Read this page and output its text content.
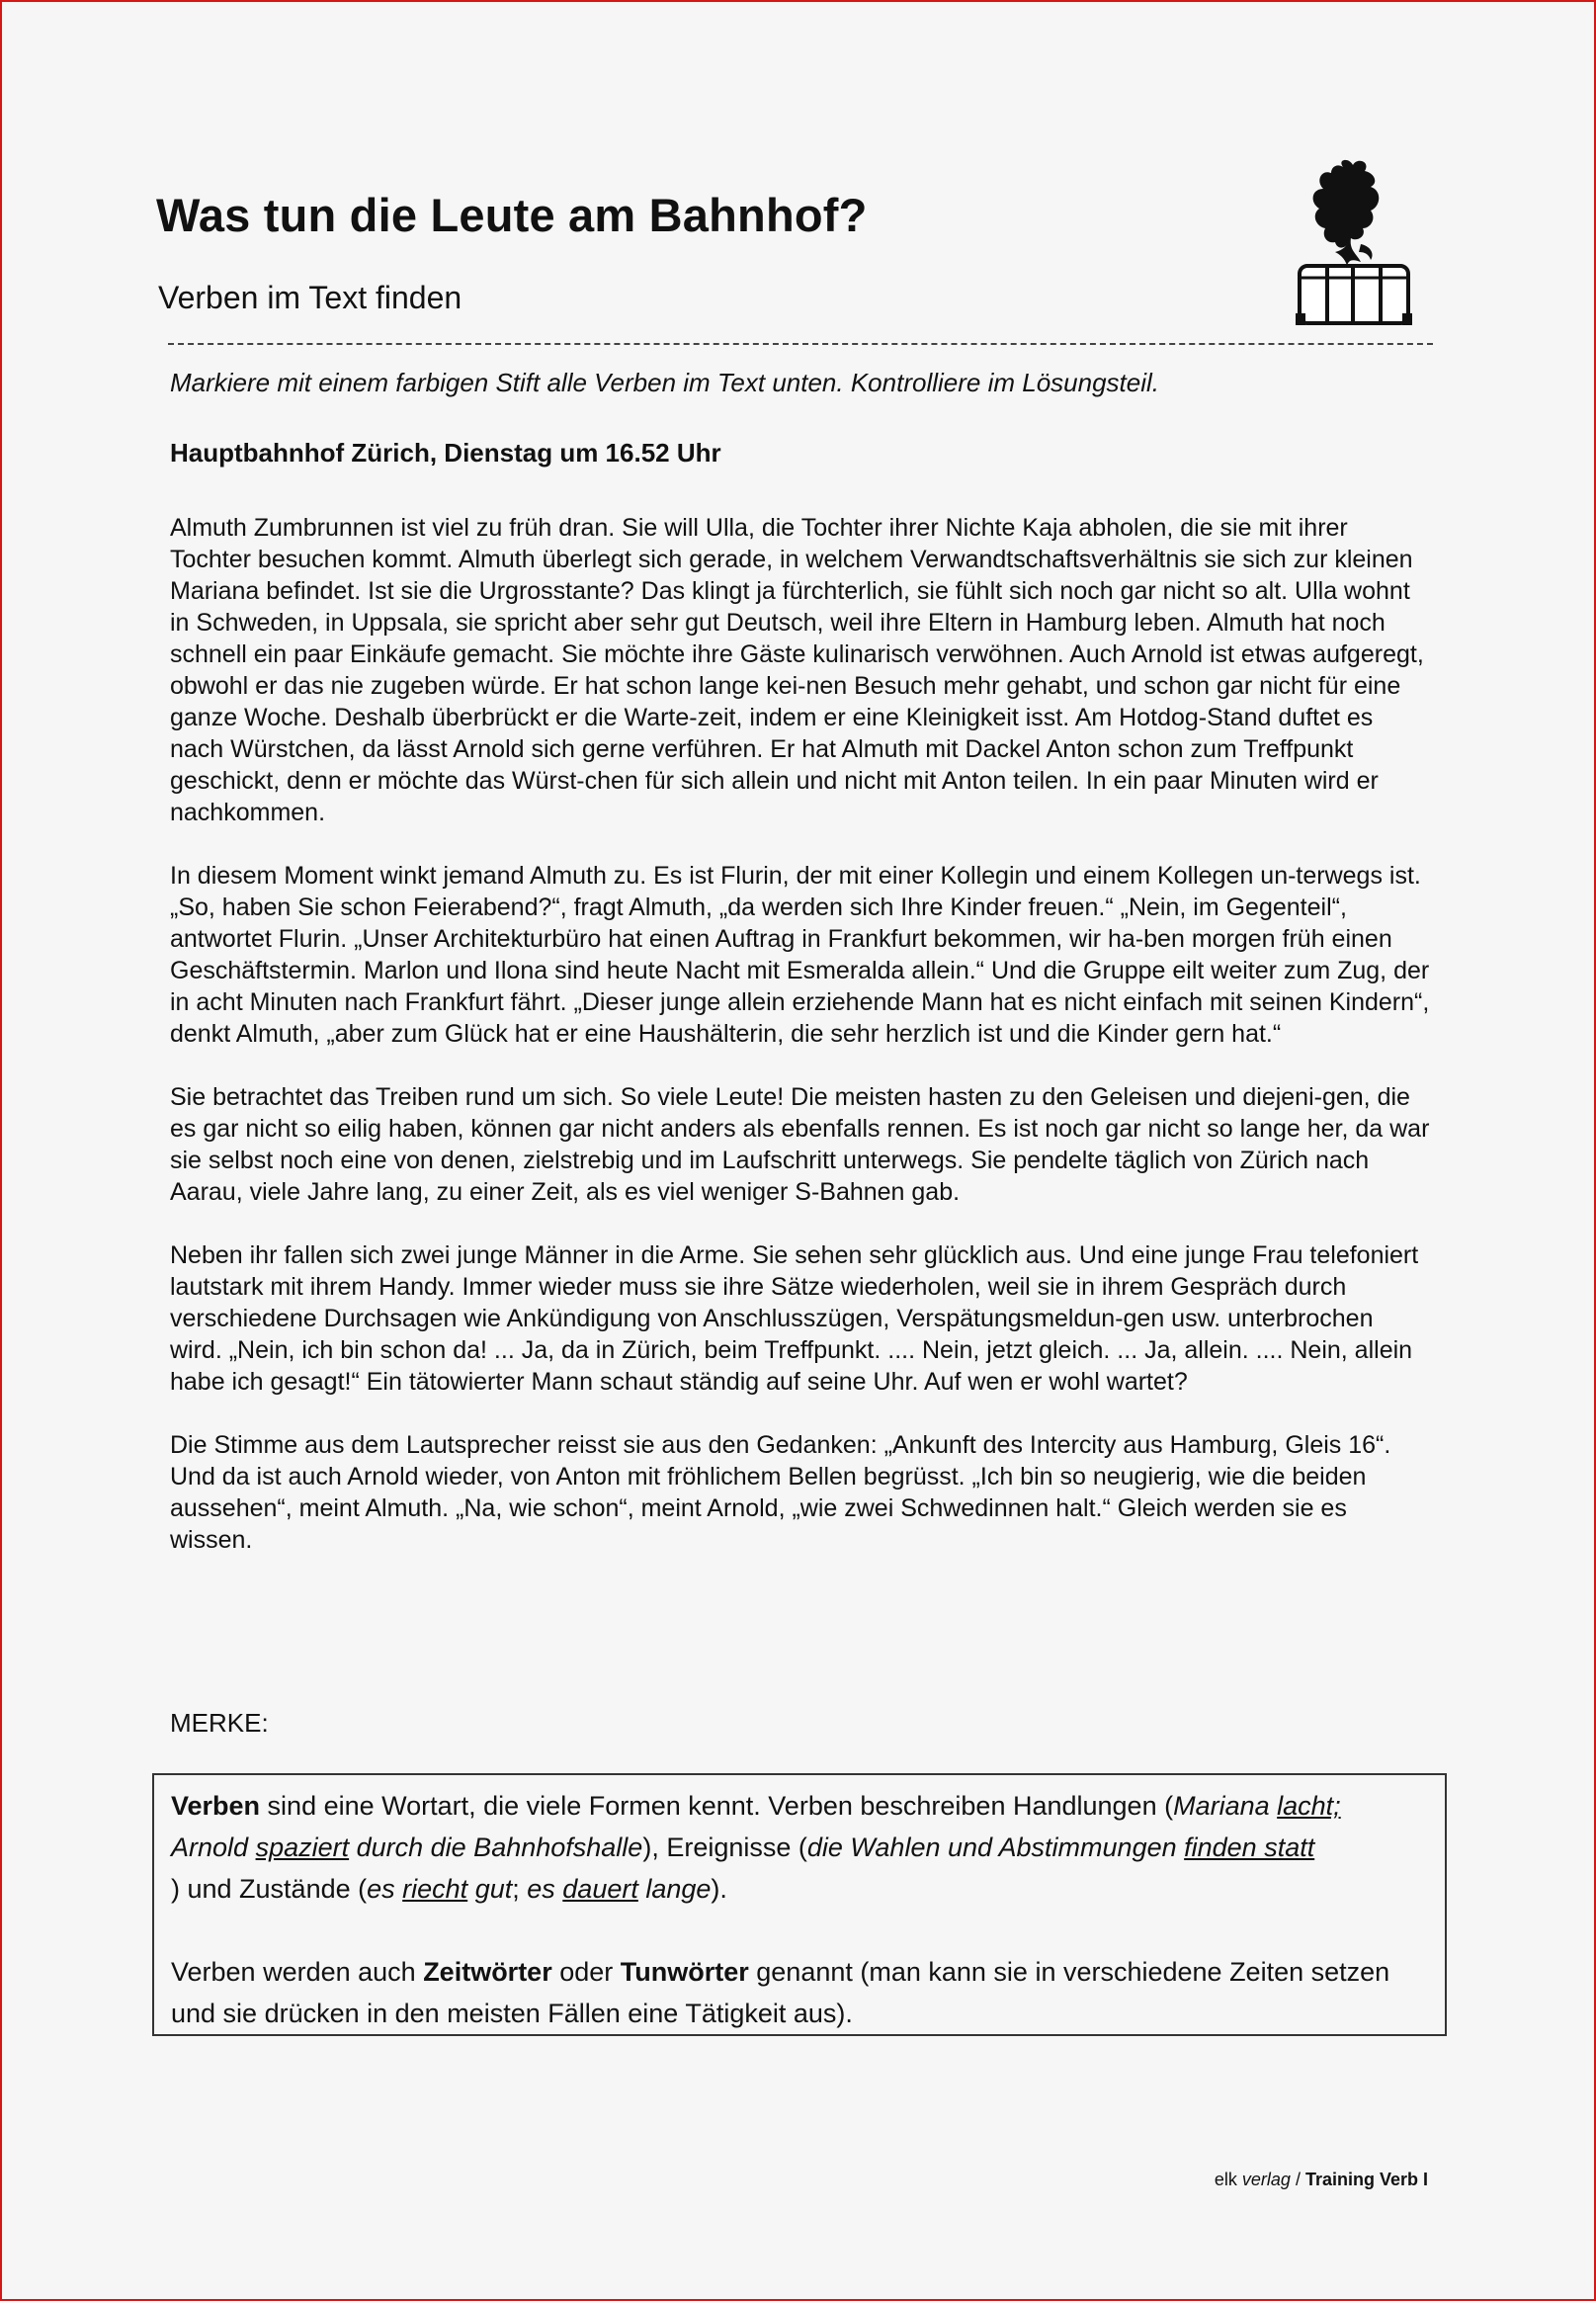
Was tun die Leute am Bahnhof?
Verben im Text finden

Markiere mit einem farbigen Stift alle Verben im Text unten. Kontrolliere im Lösungsteil.

Hauptbahnhof Zürich, Dienstag um 16.52 Uhr

Almuth Zumbrunnen ist viel zu früh dran. Sie will Ulla, die Tochter ihrer Nichte Kaja abholen, die sie mit ihrer Tochter besuchen kommt. Almuth überlegt sich gerade, in welchem Verwandtschaftsverhältnis sie sich zur kleinen Mariana befindet. Ist sie die Urgrosstante? Das klingt ja fürchterlich, sie fühlt sich noch gar nicht so alt. Ulla wohnt in Schweden, in Uppsala, sie spricht aber sehr gut Deutsch, weil ihre Eltern in Hamburg leben. Almuth hat noch schnell ein paar Einkäufe gemacht. Sie möchte ihre Gäste kulinarisch verwöhnen. Auch Arnold ist etwas aufgeregt, obwohl er das nie zugeben würde. Er hat schon lange kei-nen Besuch mehr gehabt, und schon gar nicht für eine ganze Woche. Deshalb überbrückt er die Warte-zeit, indem er eine Kleinigkeit isst. Am Hotdog-Stand duftet es nach Würstchen, da lässt Arnold sich gerne verführen. Er hat Almuth mit Dackel Anton schon zum Treffpunkt geschickt, denn er möchte das Würst-chen für sich allein und nicht mit Anton teilen. In ein paar Minuten wird er nachkommen.

In diesem Moment winkt jemand Almuth zu. Es ist Flurin, der mit einer Kollegin und einem Kollegen un-terwegs ist. „So, haben Sie schon Feierabend?“, fragt Almuth, „da werden sich Ihre Kinder freuen.“ „Nein, im Gegenteil“, antwortet Flurin. „Unser Architekturbüro hat einen Auftrag in Frankfurt bekommen, wir ha-ben morgen früh einen Geschäftstermin. Marlon und Ilona sind heute Nacht mit Esmeralda allein.“ Und die Gruppe eilt weiter zum Zug, der in acht Minuten nach Frankfurt fährt. „Dieser junge allein erziehende Mann hat es nicht einfach mit seinen Kindern“, denkt Almuth, „aber zum Glück hat er eine Haushälterin, die sehr herzlich ist und die Kinder gern hat.“

Sie betrachtet das Treiben rund um sich. So viele Leute! Die meisten hasten zu den Geleisen und diejeni-gen, die es gar nicht so eilig haben, können gar nicht anders als ebenfalls rennen. Es ist noch gar nicht so lange her, da war sie selbst noch eine von denen, zielstrebig und im Laufschritt unterwegs. Sie pendelte täglich von Zürich nach Aarau, viele Jahre lang, zu einer Zeit, als es viel weniger S-Bahnen gab.

Neben ihr fallen sich zwei junge Männer in die Arme. Sie sehen sehr glücklich aus. Und eine junge Frau telefoniert lautstark mit ihrem Handy. Immer wieder muss sie ihre Sätze wiederholen, weil sie in ihrem Gespräch durch verschiedene Durchsagen wie Ankündigung von Anschlusszügen, Verspätungsmeldun-gen usw. unterbrochen wird. „Nein, ich bin schon da! ... Ja, da in Zürich, beim Treffpunkt. .... Nein, jetzt gleich. ... Ja, allein. .... Nein, allein habe ich gesagt!“ Ein tätowierter Mann schaut ständig auf seine Uhr. Auf wen er wohl wartet?

Die Stimme aus dem Lautsprecher reisst sie aus den Gedanken: „Ankunft des Intercity aus Hamburg, Gleis 16“. Und da ist auch Arnold wieder, von Anton mit fröhlichem Bellen begrüsst. „Ich bin so neugierig, wie die beiden aussehen“, meint Almuth. „Na, wie schon“, meint Arnold, „wie zwei Schwedinnen halt.“ Gleich werden sie es wissen.

MERKE:

Verben sind eine Wortart, die viele Formen kennt. Verben beschreiben Handlungen (Mariana lacht;
Arnold spaziert durch die Bahnhofshalle), Ereignisse (die Wahlen und Abstimmungen finden statt
) und Zustände (es riecht gut; es dauert lange).

Verben werden auch Zeitwörter oder Tunwörter genannt (man kann sie in verschiedene Zeiten setzen und sie drücken in den meisten Fällen eine Tätigkeit aus).

elk verlag / Training Verb I
